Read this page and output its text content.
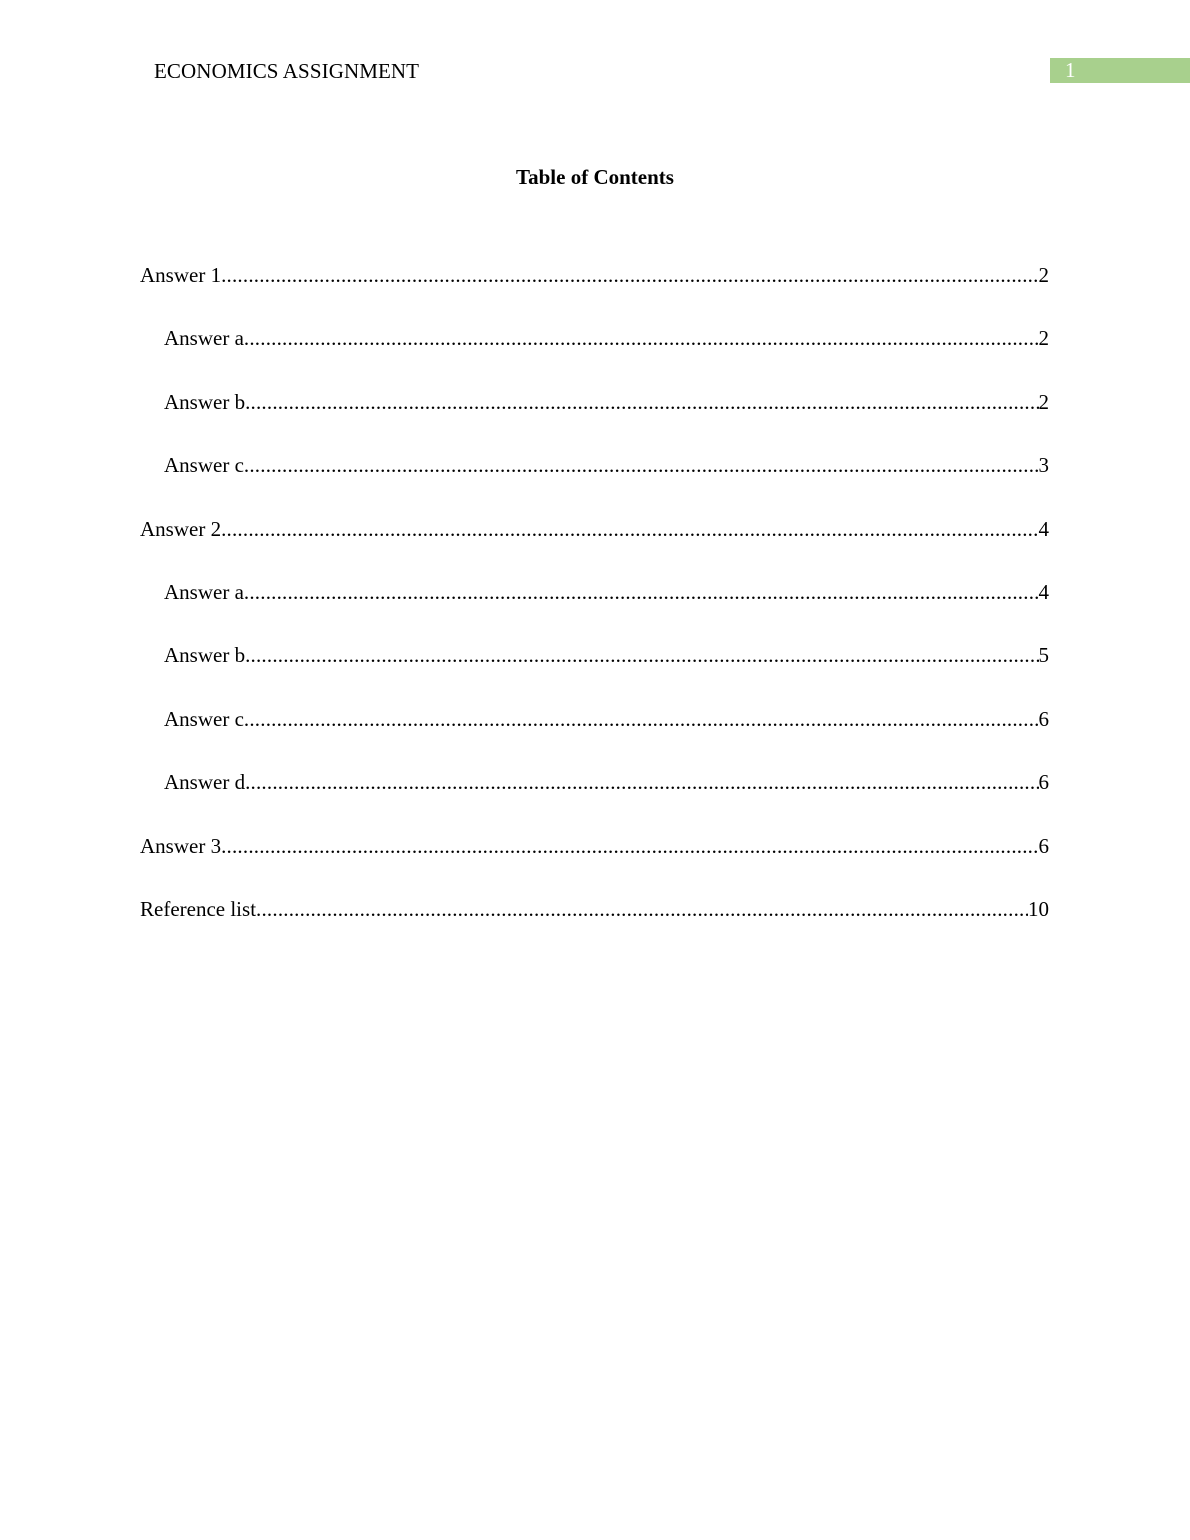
ECONOMICS ASSIGNMENT	1
Table of Contents
Answer 1 .....	2
Answer a .....	2
Answer b .....	2
Answer c .....	3
Answer 2 .....	4
Answer a .....	4
Answer b .....	5
Answer c .....	6
Answer d .....	6
Answer 3 .....	6
Reference list .....	10
